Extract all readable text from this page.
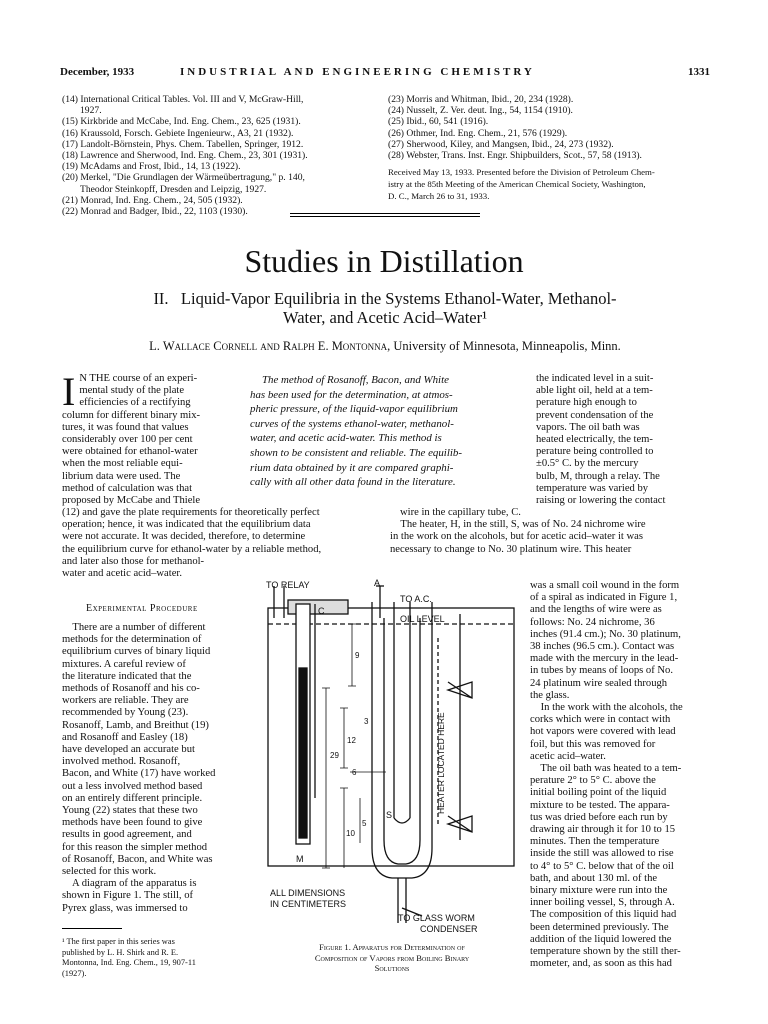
December, 1933	INDUSTRIAL AND ENGINEERING CHEMISTRY	1331
(14) International Critical Tables. Vol. III and V, McGraw-Hill,
1927.
(15) Kirkbride and McCabe, Ind. Eng. Chem., 23, 625 (1931).
(16) Kraussold, Forsch. Gebiete Ingenieurw., A3, 21 (1932).
(17) Landolt-Börnstein, Phys. Chem. Tabellen, Springer, 1912.
(18) Lawrence and Sherwood, Ind. Eng. Chem., 23, 301 (1931).
(19) McAdams and Frost, Ibid., 14, 13 (1922).
(20) Merkel, "Die Grundlagen der Wärmeübertragung," p. 140,
Theodor Steinkopff, Dresden and Leipzig, 1927.
(21) Monrad, Ind. Eng. Chem., 24, 505 (1932).
(22) Monrad and Badger, Ibid., 22, 1103 (1930).
(23) Morris and Whitman, Ibid., 20, 234 (1928).
(24) Nusselt, Z. Ver. deut. Ing., 54, 1154 (1910).
(25) Ibid., 60, 541 (1916).
(26) Othmer, Ind. Eng. Chem., 21, 576 (1929).
(27) Sherwood, Kiley, and Mangsen, Ibid., 24, 273 (1932).
(28) Webster, Trans. Inst. Engr. Shipbuilders, Scot., 57, 58 (1913).
Received May 13, 1933. Presented before the Division of Petroleum Chem-
istry at the 85th Meeting of the American Chemical Society, Washington,
D. C., March 26 to 31, 1933.
Studies in Distillation
II.   Liquid-Vapor Equilibria in the Systems Ethanol-Water, Methanol-
Water, and Acetic Acid–Water¹
L. Wallace Cornell and Ralph E. Montonna, University of Minnesota, Minneapolis, Minn.
I N THE course of an experi-
mental study of the plate
efficiencies of a rectifying
column for different binary mix-
tures, it was found that values
considerably over 100 per cent
were obtained for ethanol-water
when the most reliable equi-
librium data were used. The
method of calculation was that
proposed by McCabe and Thiele
The method of Rosanoff, Bacon, and White
has been used for the determination, at atmos-
pheric pressure, of the liquid-vapor equilibrium
curves of the systems ethanol-water, methanol-
water, and acetic acid-water. This method is
shown to be consistent and reliable. The equilib-
rium data obtained by it are compared graphi-
cally with all other data found in the literature.
the indicated level in a suit-
able light oil, held at a tem-
perature high enough to
prevent condensation of the
vapors. The oil bath was
heated electrically, the tem-
perature being controlled to
±0.5° C. by the mercury
bulb, M, through a relay. The
temperature was varied by
raising or lowering the contact
(12) and gave the plate requirements for theoretically perfect
operation; hence, it was indicated that the equilibrium data
were not accurate. It was decided, therefore, to determine
the equilibrium curve for ethanol-water by a reliable method,
wire in the capillary tube, C.
The heater, H, in the still, S, was of No. 24 nichrome wire
in the work on the alcohols, but for acetic acid–water it was
necessary to change to No. 30 platinum wire. This heater
and later also those for methanol-
water and acetic acid–water.
Experimental Procedure
There are a number of different
methods for the determination of
equilibrium curves of binary liquid
mixtures. A careful review of
the literature indicated that the
methods of Rosanoff and his co-
workers are reliable. They are
recommended by Young (23).
Rosanoff, Lamb, and Breithut (19)
and Rosanoff and Easley (18)
have developed an accurate but
involved method. Rosanoff,
Bacon, and White (17) have worked
out a less involved method based
on an entirely different principle.
Young (22) states that these two
methods have been found to give
results in good agreement, and
for this reason the simpler method
of Rosanoff, Bacon, and White was
selected for this work.
A diagram of the apparatus is
shown in Figure 1. The still, of
Pyrex glass, was immersed to
¹ The first paper in this series was
published by L. H. Shirk and R. E.
Montonna, Ind. Eng. Chem., 19, 907-11
(1927).
TO RELAY	A
TO A.C.
OIL LEVEL
C
M
S
9
3
12
29
6
10
5
HEATER LOCATED HERE
ALL DIMENSIONS
IN CENTIMETERS
TO GLASS WORM
CONDENSER
Figure 1. Apparatus for Determination of
Composition of Vapors from Boiling Binary
Solutions
was a small coil wound in the form
of a spiral as indicated in Figure 1,
and the lengths of wire were as
follows: No. 24 nichrome, 36
inches (91.4 cm.); No. 30 platinum,
38 inches (96.5 cm.). Contact was
made with the mercury in the lead-
in tubes by means of loops of No.
24 platinum wire sealed through
the glass.
In the work with the alcohols, the
corks which were in contact with
hot vapors were covered with lead
foil, but this was removed for
acetic acid–water.
The oil bath was heated to a tem-
perature 2° to 5° C. above the
initial boiling point of the liquid
mixture to be tested. The appara-
tus was dried before each run by
drawing air through it for 10 to 15
minutes. Then the temperature
inside the still was allowed to rise
to 4° to 5° C. below that of the oil
bath, and about 130 ml. of the
binary mixture were run into the
inner boiling vessel, S, through A.
The composition of this liquid had
been determined previously. The
addition of the liquid lowered the
temperature shown by the still ther-
mometer, and, as soon as this had
